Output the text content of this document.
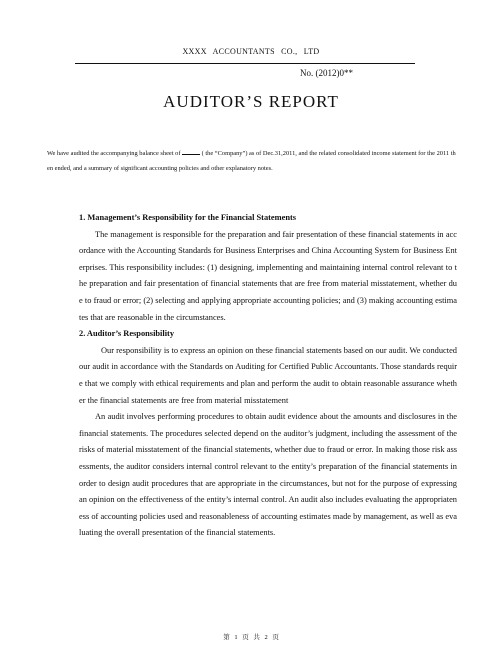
XXXX ACCOUNTANTS CO., LTD
No. (2012)0**
AUDITOR’S REPORT
We have audited the accompanying balance sheet of	( the “Company”) as of Dec.31,2011, and the related consolidated income statement for the 2011 then ended, and a summary of significant accounting policies and other explanatory notes.
1. Management’s Responsibility for the Financial Statements

The management is responsible for the preparation and fair presentation of these financial statements in accordance with the Accounting Standards for Business Enterprises and China Accounting System for Business Enterprises. This responsibility includes: (1) designing, implementing and maintaining internal control relevant to the preparation and fair presentation of financial statements that are free from material misstatement, whether due to fraud or error; (2) selecting and applying appropriate accounting policies; and (3) making accounting estimates that are reasonable in the circumstances.

2. Auditor’s Responsibility

Our responsibility is to express an opinion on these financial statements based on our audit. We conducted our audit in accordance with the Standards on Auditing for Certified Public Accountants. Those standards require that we comply with ethical requirements and plan and perform the audit to obtain reasonable assurance whether the financial statements are free from material misstatement

An audit involves performing procedures to obtain audit evidence about the amounts and disclosures in the financial statements. The procedures selected depend on the auditor’s judgment, including the assessment of the risks of material misstatement of the financial statements, whether due to fraud or error. In making those risk assessments, the auditor considers internal control relevant to the entity’s preparation of the financial statements in order to design audit procedures that are appropriate in the circumstances, but not for the purpose of expressing an opinion on the effectiveness of the entity’s internal control. An audit also includes evaluating the appropriateness of accounting policies used and reasonableness of accounting estimates made by management, as well as evaluating the overall presentation of the financial statements.

第 1 页 共 2 页
